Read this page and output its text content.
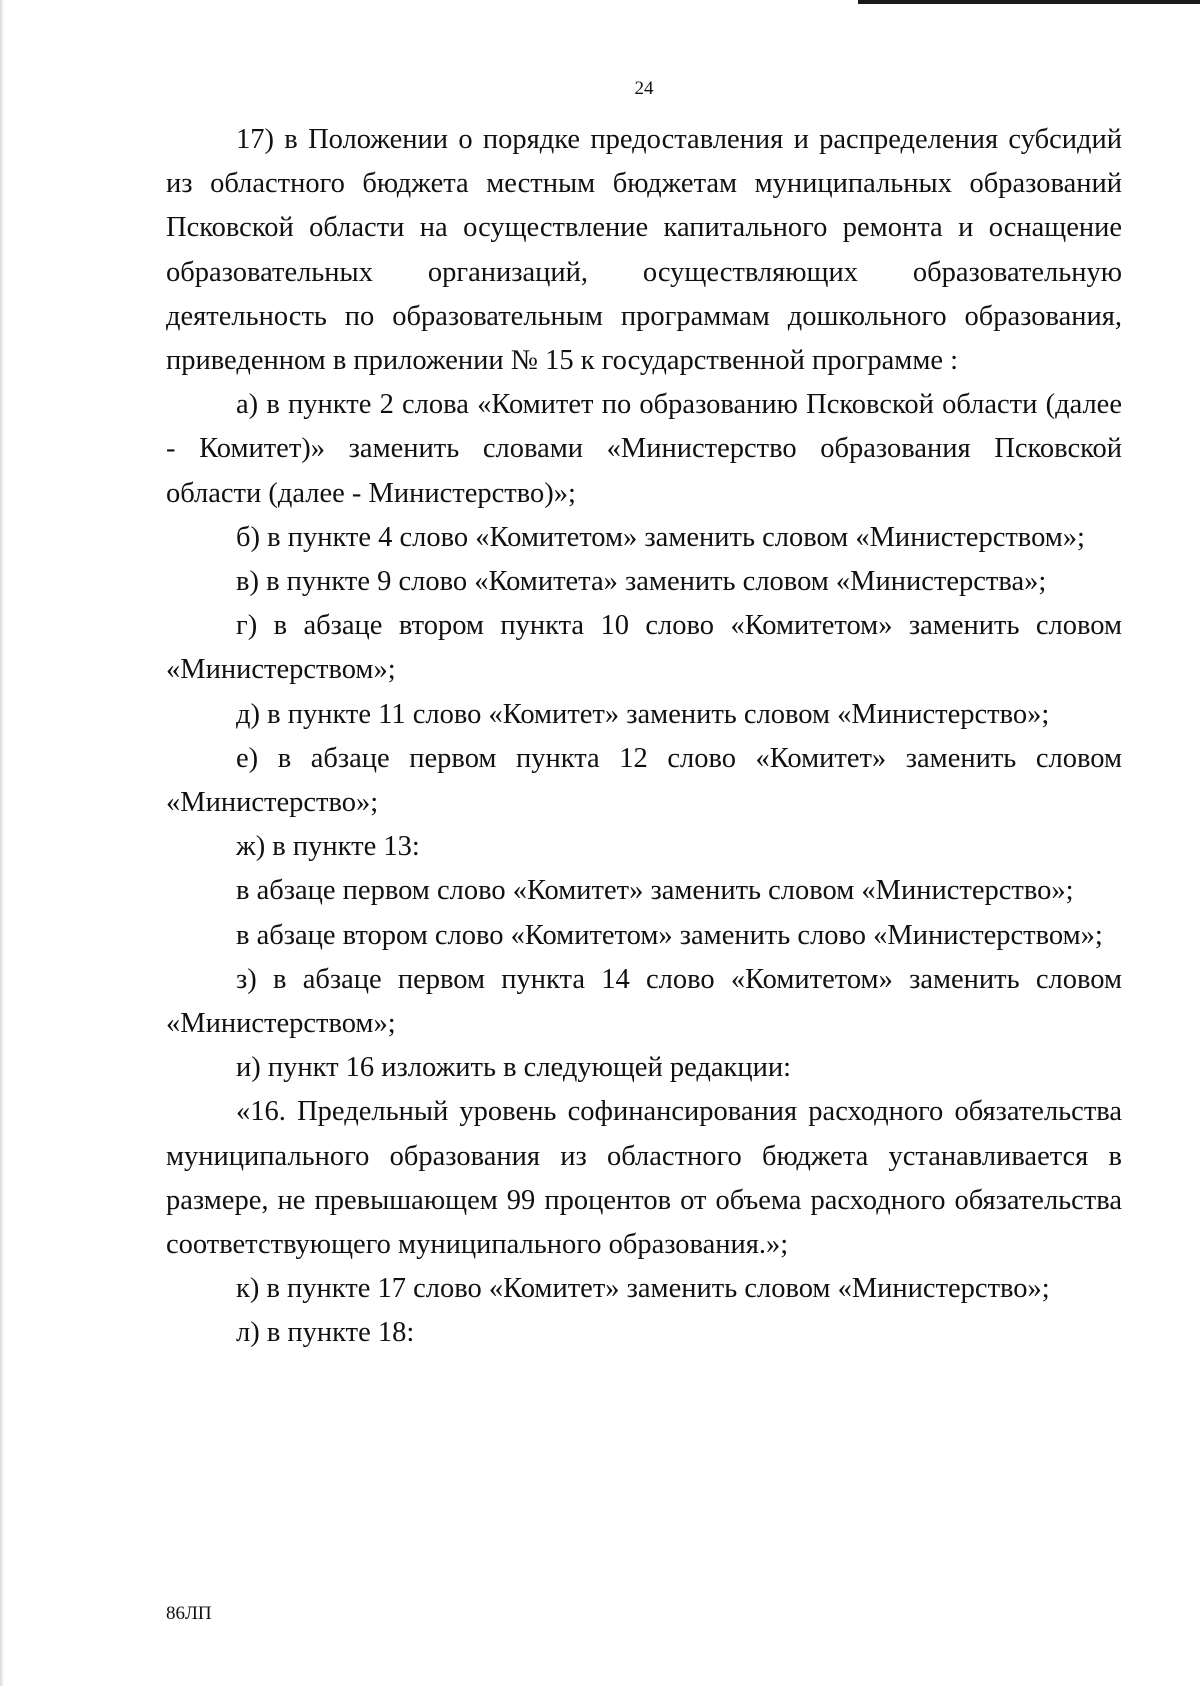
24

17) в Положении о порядке предоставления и распределения субсидий из областного бюджета местным бюджетам муниципальных образований Псковской области на осуществление капитального ремонта и оснащение образовательных организаций, осуществляющих образовательную деятельность по образовательным программам дошкольного образования, приведенном в приложении № 15 к государственной программе :

а) в пункте 2 слова «Комитет по образованию Псковской области (далее - Комитет)» заменить словами «Министерство образования Псковской области (далее - Министерство)»;

б) в пункте 4 слово «Комитетом» заменить словом «Министерством»;

в) в пункте 9 слово «Комитета» заменить словом «Министерства»;

г) в абзаце втором пункта 10 слово «Комитетом» заменить словом «Министерством»;

д) в пункте 11 слово «Комитет» заменить словом «Министерство»;

е) в абзаце первом пункта 12 слово «Комитет» заменить словом «Министерство»;

ж) в пункте 13:

в абзаце первом слово «Комитет» заменить словом «Министерство»;

в абзаце втором слово «Комитетом» заменить слово «Министерством»;

з) в абзаце первом пункта 14 слово «Комитетом» заменить словом «Министерством»;

и) пункт 16 изложить в следующей редакции:

«16. Предельный уровень софинансирования расходного обязательства муниципального образования из областного бюджета устанавливается в размере, не превышающем 99 процентов от объема расходного обязательства соответствующего муниципального образования.»;

к) в пункте 17 слово «Комитет» заменить словом «Министерство»;

л) в пункте 18:

86ЛП
